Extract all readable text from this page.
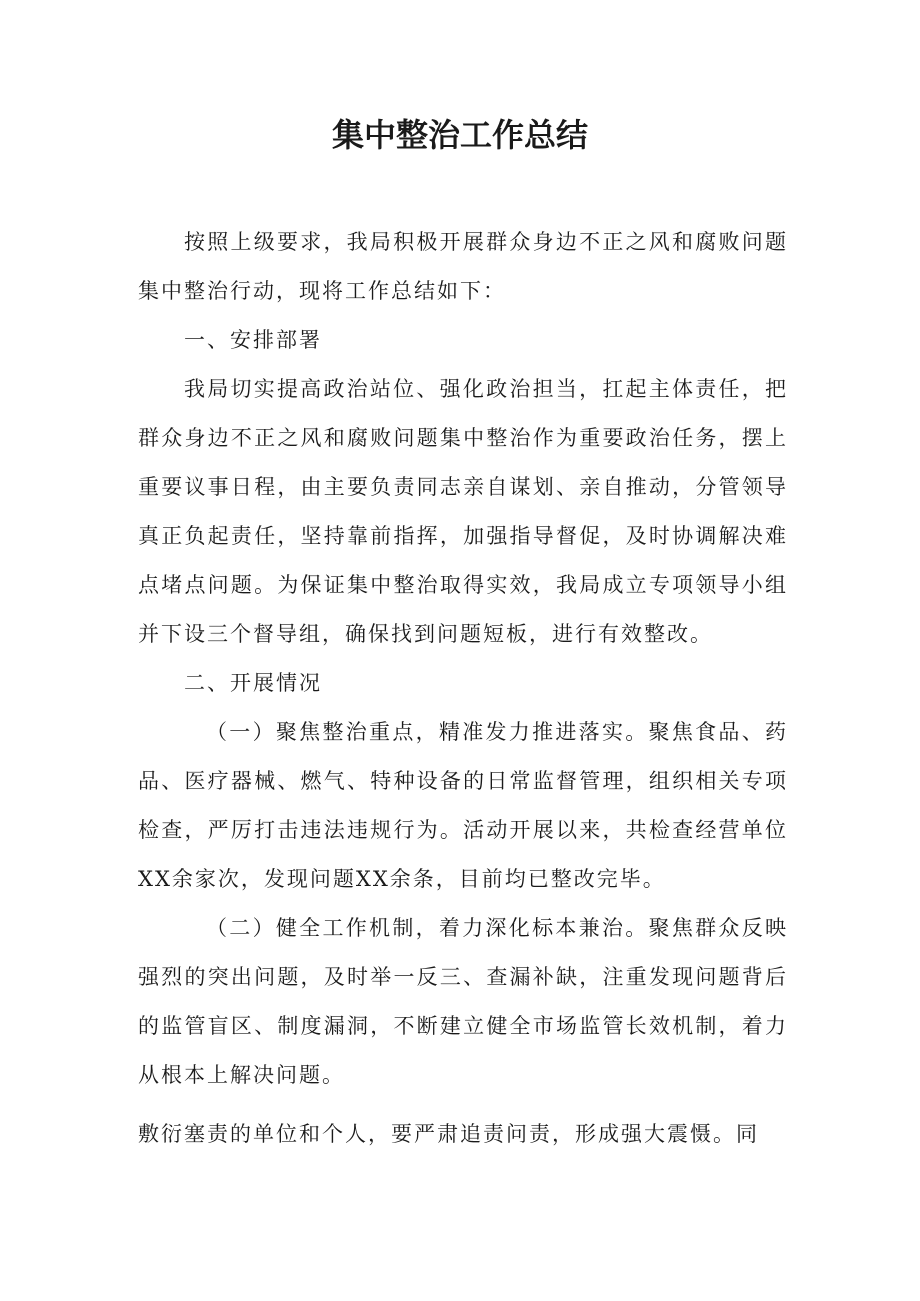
集中整治工作总结

按照上级要求，我局积极开展群众身边不正之风和腐败问题集中整治行动，现将工作总结如下：

一、安排部署

我局切实提高政治站位、强化政治担当，扛起主体责任，把群众身边不正之风和腐败问题集中整治作为重要政治任务，摆上重要议事日程，由主要负责同志亲自谋划、亲自推动，分管领导真正负起责任，坚持靠前指挥，加强指导督促，及时协调解决难点堵点问题。为保证集中整治取得实效，我局成立专项领导小组并下设三个督导组，确保找到问题短板，进行有效整改。

二、开展情况

（一）聚焦整治重点，精准发力推进落实。聚焦食品、药品、医疗器械、燃气、特种设备的日常监督管理，组织相关专项检查，严厉打击违法违规行为。活动开展以来，共检查经营单位XX余家次，发现问题XX余条，目前均已整改完毕。

（二）健全工作机制，着力深化标本兼治。聚焦群众反映强烈的突出问题，及时举一反三、查漏补缺，注重发现问题背后的监管盲区、制度漏洞，不断建立健全市场监管长效机制，着力从根本上解决问题。

敷衍塞责的单位和个人，要严肃追责问责，形成强大震慑。同
